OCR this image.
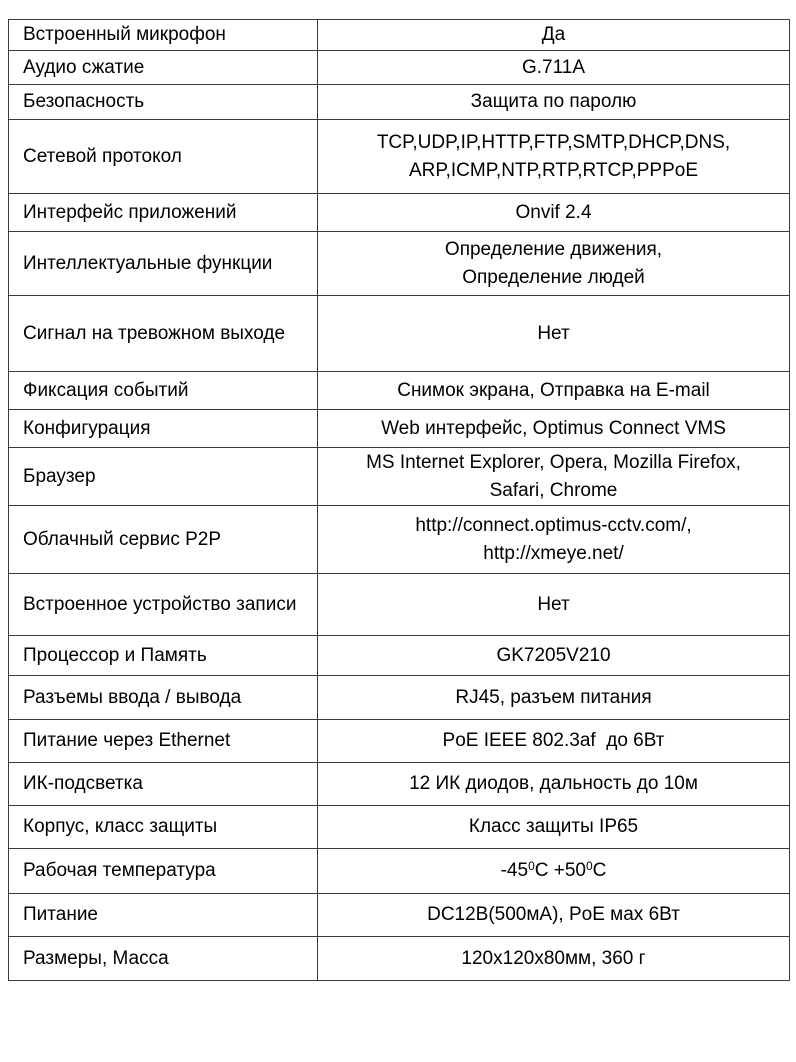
Встроенный микрофон	Да
Аудио сжатие	G.711A
Безопасность	Защита по паролю
Сетевой протокол	TCP,UDP,IP,HTTP,FTP,SMTP,DHCP,DNS,
ARP,ICMP,NTP,RTP,RTCP,PPPoE

Интерфейс приложений	Onvif 2.4
Интеллектуальные функции	Определение движения,
Определение людей

Сигнал на тревожном выходе	Нет
Фиксация событий	Снимок экрана, Отправка на E-mail
Конфигурация	Web интерфейс, Optimus Connect VMS
Браузер	MS Internet Explorer, Opera, Mozilla Firefox,
Safari, Chrome

Облачный сервис P2P	http://connect.optimus-cctv.com/,
http://xmeye.net/

Встроенное устройство записи	Нет
Процессор и Память	GK7205V210
Разъемы ввода / вывода	RJ45, разъем питания
Питание через Ethernet	PoE IEEE 802.3af  до 6Вт
ИК-подсветка	12 ИК диодов, дальность до 10м
Корпус, класс защиты	Класс защиты IP65
Рабочая температура	$-45^0C +50^0C$
Питание	DC12В(500мА), PoE мах 6Вт
Размеры, Масса	120х120х80мм, 360 г
